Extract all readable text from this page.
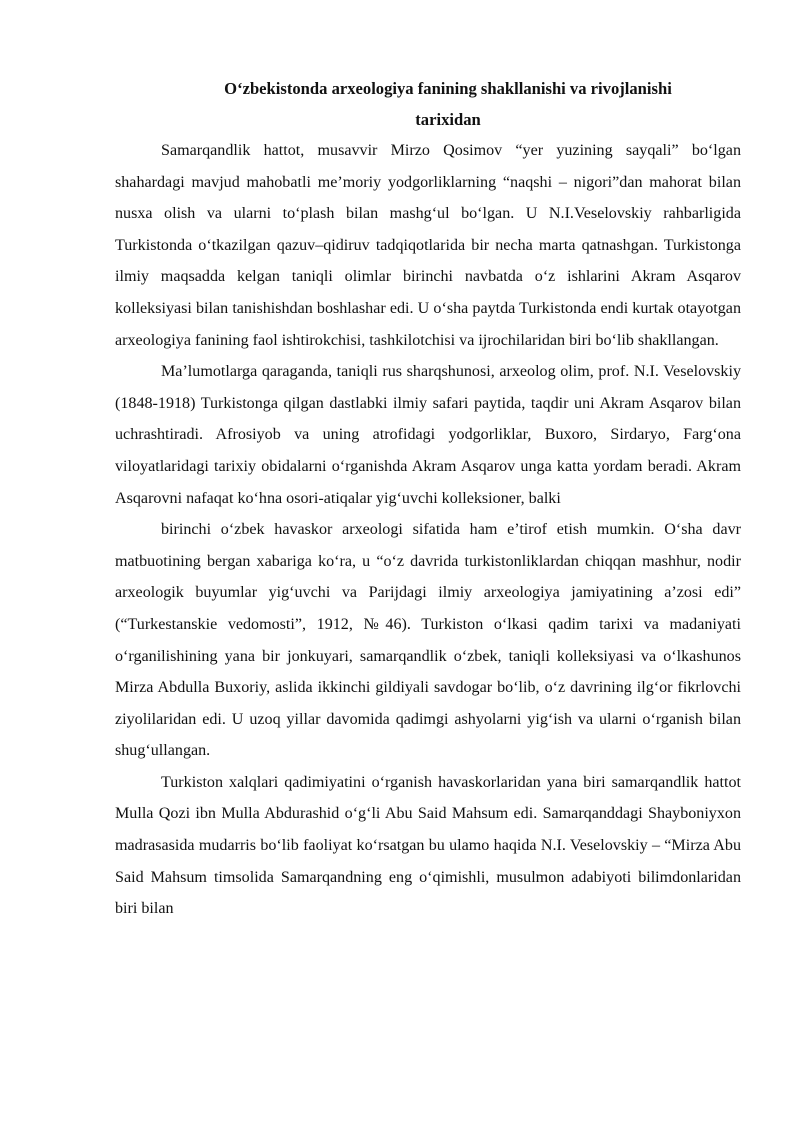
O‘zbekistonda arxeologiya fanining shakllanishi va rivojlanishi

tarixidan

Samarqandlik hattot, musavvir Mirzo Qosimov “yer yuzining sayqali” bo‘lgan shahardagi mavjud mahobatli me’moriy yodgorliklarning “naqshi – nigori”dan mahorat bilan nusxa olish va ularni to‘plash bilan mashg‘ul bo‘lgan. U N.I.Veselovskiy rahbarligida Turkistonda o‘tkazilgan qazuv–qidiruv tadqiqotlarida bir necha marta qatnashgan. Turkistonga ilmiy maqsadda kelgan taniqli olimlar birinchi navbatda o‘z ishlarini Akram Asqarov kolleksiyasi bilan tanishishdan boshlashar edi. U o‘sha paytda Turkistonda endi kurtak otayotgan arxeologiya fanining faol ishtirokchisi, tashkilotchisi va ijrochilaridan biri bo‘lib shakllangan.

Ma’lumotlarga qaraganda, taniqli rus sharqshunosi, arxeolog olim, prof. N.I. Veselovskiy (1848-1918) Turkistonga qilgan dastlabki ilmiy safari paytida, taqdir uni Akram Asqarov bilan uchrashtiradi. Afrosiyob va uning atrofidagi yodgorliklar, Buxoro, Sirdaryo, Farg‘ona viloyatlaridagi tarixiy obidalarni o‘rganishda Akram Asqarov unga katta yordam beradi. Akram Asqarovni nafaqat ko‘hna osori-atiqalar yig‘uvchi kolleksioner, balki

birinchi o‘zbek havaskor arxeologi sifatida ham e’tirof etish mumkin. O‘sha davr matbuotining bergan xabariga ko‘ra, u “o‘z davrida turkistonliklardan chiqqan mashhur, nodir arxeologik buyumlar yig‘uvchi va Parijdagi ilmiy arxeologiya jamiyatining a’zosi edi” (“Turkestanskie vedomosti”, 1912, №46). Turkiston o‘lkasi qadim tarixi va madaniyati o‘rganilishining yana bir jonkuyari, samarqandlik o‘zbek, taniqli kolleksiyasi va o‘lkashunos Mirza Abdulla Buxoriy, aslida ikkinchi gildiyali savdogar bo‘lib, o‘z davrining ilg‘or fikrlovchi ziyolilaridan edi. U uzoq yillar davomida qadimgi ashyolarni yig‘ish va ularni o‘rganish bilan shug‘ullangan.

Turkiston xalqlari qadimiyatini o‘rganish havaskorlaridan yana biri samarqandlik hattot Mulla Qozi ibn Mulla Abdurashid o‘g‘li Abu Said Mahsum edi. Samarqanddagi Shayboniyxon madrasasida mudarris bo‘lib faoliyat ko‘rsatgan bu ulamo haqida N.I. Veselovskiy – “Mirza Abu Said Mahsum timsolida Samarqandning eng o‘qimishli, musulmon adabiyoti bilimdonlaridan biri bilan
